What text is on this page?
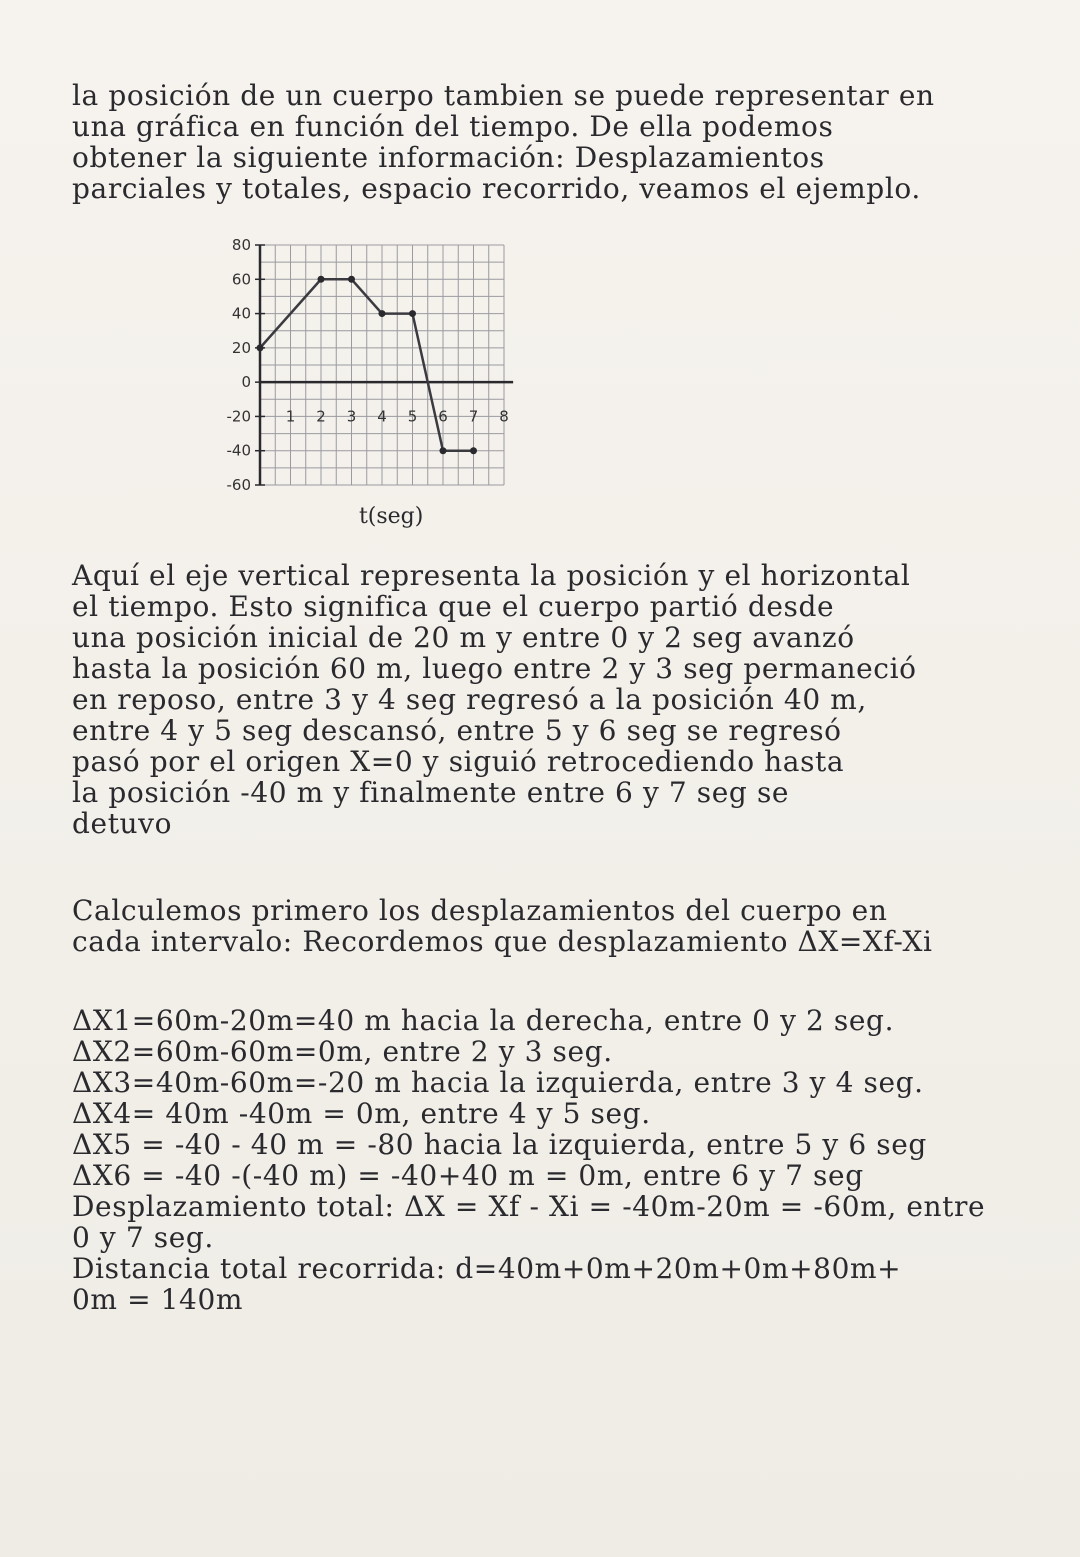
la posición de un cuerpo tambien se puede representar en
una gráfica en función del tiempo. De ella podemos
obtener la siguiente información: Desplazamientos
parciales y totales, espacio recorrido, veamos el ejemplo.
80
60
40
20
0
-20
-40
-60
1 2 3 4 5 6 7 8
t(seg)
Aquí el eje vertical representa la posición y el horizontal
el tiempo. Esto significa que el cuerpo partió desde
una posición inicial de 20 m y entre 0 y 2 seg avanzó
hasta la posición 60 m, luego entre 2 y 3 seg permaneció
en reposo, entre 3 y 4 seg regresó a la posición 40 m,
entre 4 y 5 seg descansó, entre 5 y 6 seg se regresó
pasó por el origen X=0 y siguió retrocediendo hasta
la posición -40 m y finalmente entre 6 y 7 seg se
detuvo
Calculemos primero los desplazamientos del cuerpo en
cada intervalo: Recordemos que desplazamiento ΔX=Xf-Xi
ΔX1=60m-20m=40 m hacia la derecha, entre 0 y 2 seg.
ΔX2=60m-60m=0m, entre 2 y 3 seg.
ΔX3=40m-60m=-20 m hacia la izquierda, entre 3 y 4 seg.
ΔX4= 40m -40m = 0m, entre 4 y 5 seg.
ΔX5 = -40 - 40 m = -80 hacia la izquierda, entre 5 y 6 seg
ΔX6 = -40 -(-40 m) = -40+40 m = 0m, entre 6 y 7 seg
Desplazamiento total: ΔX = Xf - Xi = -40m-20m = -60m, entre
0 y 7 seg.
Distancia total recorrida: d=40m+0m+20m+0m+80m+
0m = 140m
